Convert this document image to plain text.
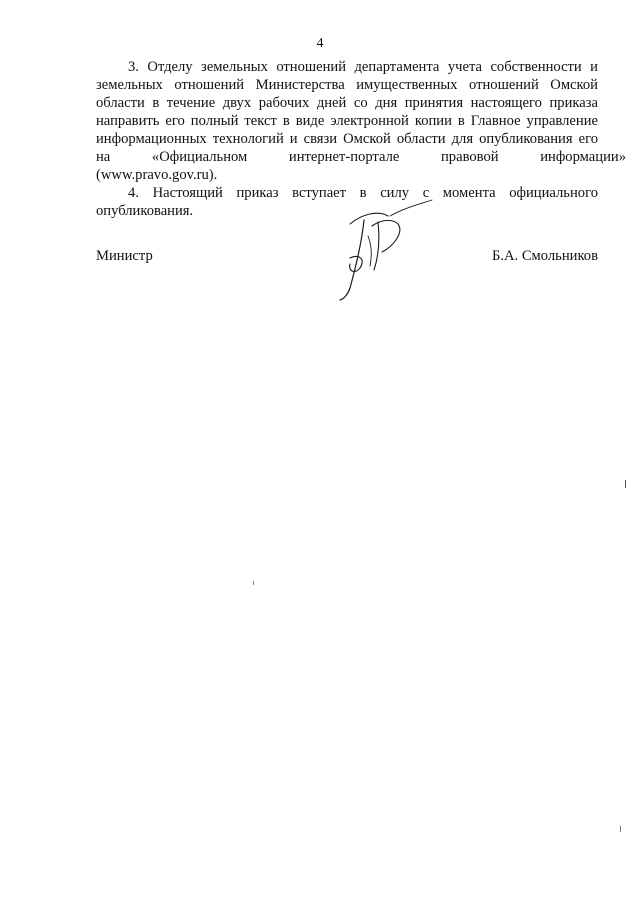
4
3. Отделу земельных отношений департамента учета собственности и
земельных отношений Министерства имущественных отношений Омской
области в течение двух рабочих дней со дня принятия настоящего приказа
направить его полный текст в виде электронной копии в Главное управление
информационных технологий и связи Омской области для опубликования его
на «Официальном интернет-портале правовой информации»
(www.pravo.gov.ru).
4. Настоящий приказ вступает в силу с момента официального
опубликования.
Министр	Б.А. Смольников
